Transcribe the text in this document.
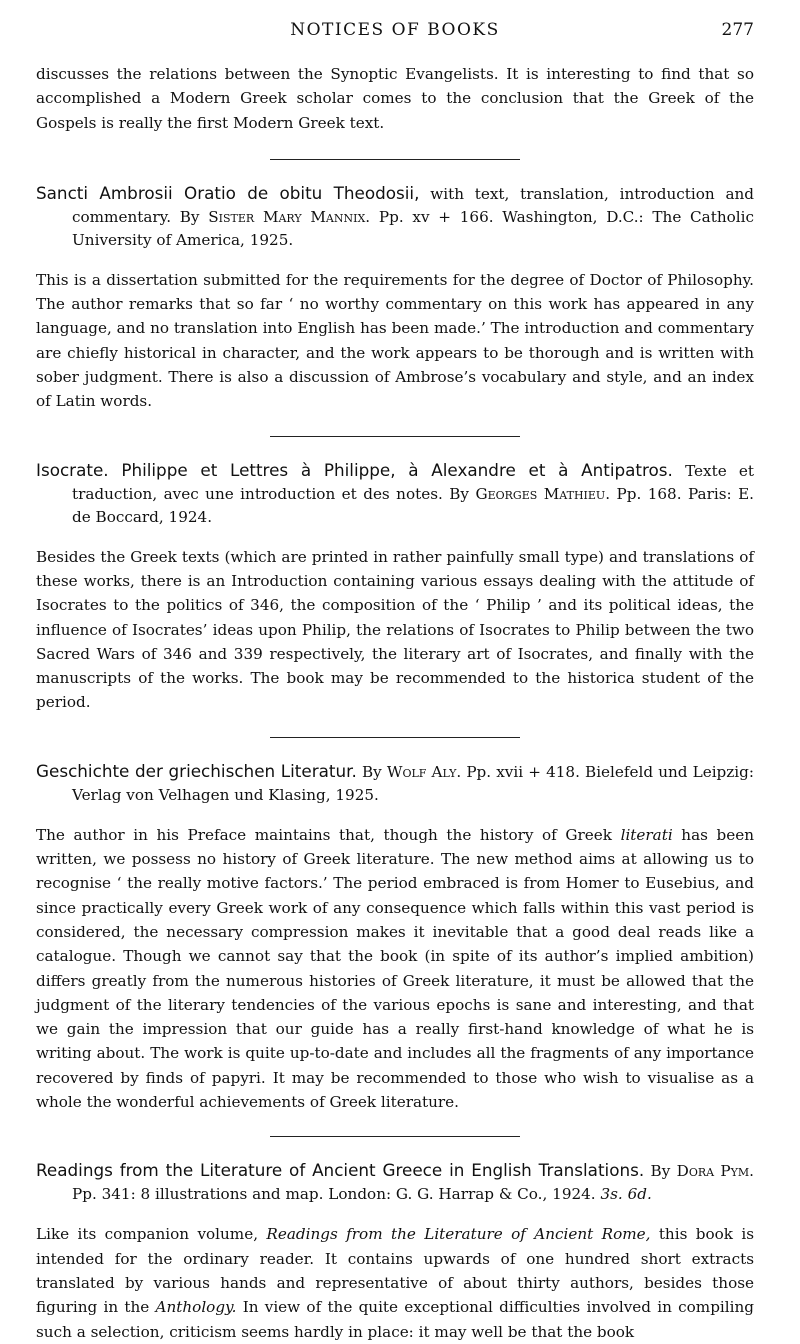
NOTICES OF BOOKS	277

discusses the relations between the Synoptic Evangelists. It is interesting to find that so accomplished a Modern Greek scholar comes to the conclusion that the Greek of the Gospels is really the first Modern Greek text.

Sancti Ambrosii Oratio de obitu Theodosii, with text, translation, introduction and commentary. By Sister Mary Mannix. Pp. xv + 166. Washington, D.C.: The Catholic University of America, 1925.

This is a dissertation submitted for the requirements for the degree of Doctor of Philosophy. The author remarks that so far ‘ no worthy commentary on this work has appeared in any language, and no translation into English has been made.’ The introduction and commentary are chiefly historical in character, and the work appears to be thorough and is written with sober judgment. There is also a discussion of Ambrose’s vocabulary and style, and an index of Latin words.

Isocrate. Philippe et Lettres à Philippe, à Alexandre et à Antipatros. Texte et traduction, avec une introduction et des notes. By Georges Mathieu. Pp. 168. Paris: E. de Boccard, 1924.

Besides the Greek texts (which are printed in rather painfully small type) and translations of these works, there is an Introduction containing various essays dealing with the attitude of Isocrates to the politics of 346, the composition of the ‘ Philip ’ and its political ideas, the influence of Isocrates’ ideas upon Philip, the relations of Isocrates to Philip between the two Sacred Wars of 346 and 339 respectively, the literary art of Isocrates, and finally with the manuscripts of the works. The book may be recommended to the historica student of the period.

Geschichte der griechischen Literatur. By Wolf Aly. Pp. xvii + 418. Bielefeld und Leipzig: Verlag von Velhagen und Klasing, 1925.

The author in his Preface maintains that, though the history of Greek literati has been written, we possess no history of Greek literature. The new method aims at allowing us to recognise ‘ the really motive factors.’ The period embraced is from Homer to Eusebius, and since practically every Greek work of any consequence which falls within this vast period is considered, the necessary compression makes it inevitable that a good deal reads like a catalogue. Though we cannot say that the book (in spite of its author’s implied ambition) differs greatly from the numerous histories of Greek literature, it must be allowed that the judgment of the literary tendencies of the various epochs is sane and interesting, and that we gain the impression that our guide has a really first-hand knowledge of what he is writing about. The work is quite up-to-date and includes all the fragments of any importance recovered by finds of papyri. It may be recommended to those who wish to visualise as a whole the wonderful achievements of Greek literature.

Readings from the Literature of Ancient Greece in English Translations. By Dora Pym. Pp. 341: 8 illustrations and map. London: G. G. Harrap & Co., 1924. 3s. 6d.

Like its companion volume, Readings from the Literature of Ancient Rome, this book is intended for the ordinary reader. It contains upwards of one hundred short extracts translated by various hands and representative of about thirty authors, besides those figuring in the Anthology. In view of the quite exceptional difficulties involved in compiling such a selection, criticism seems hardly in place: it may well be that the book
